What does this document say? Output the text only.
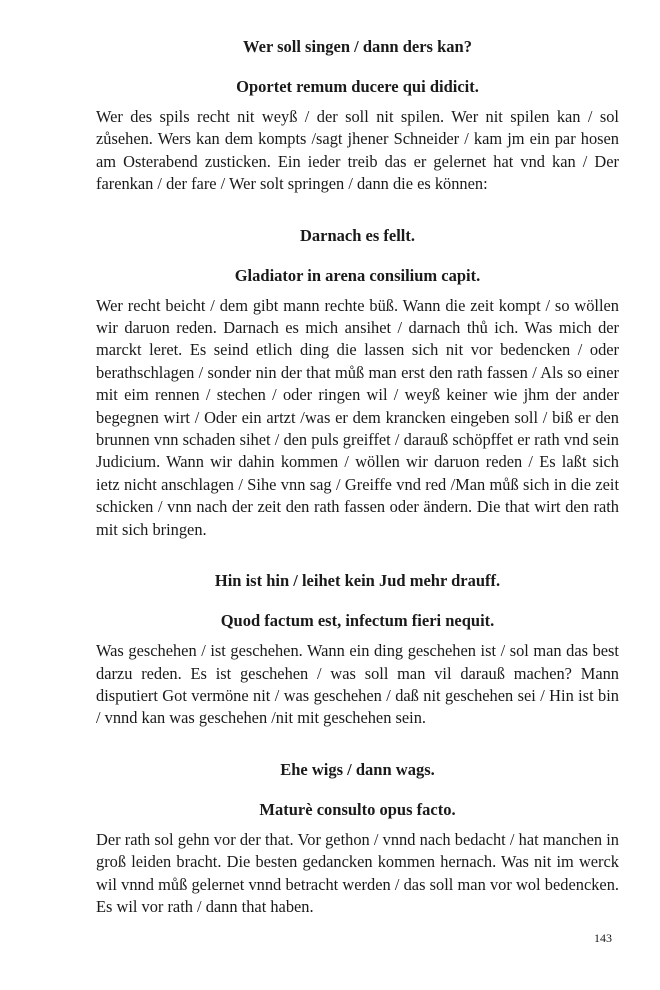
Wer soll singen / dann ders kan?

Oportet remum ducere qui didicit.

Wer des spils recht nit weyß / der soll nit spilen. Wer nit spilen kan / sol zůsehen. Wers kan dem kompts /sagt jhener Schneider / kam jm ein par hosen am Osterabend zusticken. Ein ieder treib das er gelernet hat vnd kan / Der farenkan / der fare / Wer solt springen / dann die es können:

Darnach es fellt.

Gladiator in arena consilium capit.

Wer recht beicht / dem gibt mann rechte büß. Wann die zeit kompt / so wöllen wir daruon reden. Darnach es mich ansihet / darnach thů ich. Was mich der marckt leret. Es seind etlich ding die lassen sich nit vor bedencken / oder berathschlagen / sonder nin der that můß man erst den rath fassen / Als so einer mit eim rennen / stechen / oder ringen wil / weyß keiner wie jhm der ander begegnen wirt / Oder ein artzt /was er dem krancken eingeben soll / biß er den brunnen vnn schaden sihet / den puls greiffet / darauß schöpffet er rath vnd sein Judicium. Wann wir dahin kommen / wöllen wir daruon reden / Es laßt sich ietz nicht anschlagen / Sihe vnn sag / Greiffe vnd red /Man můß sich in die zeit schicken / vnn nach der zeit den rath fassen oder ändern. Die that wirt den rath mit sich bringen.

Hin ist hin / leihet kein Jud mehr drauff.

Quod factum est, infectum fieri nequit.

Was geschehen / ist geschehen. Wann ein ding geschehen ist / sol man das best darzu reden. Es ist geschehen / was soll man vil darauß machen? Mann disputiert Got vermöne nit / was geschehen / daß nit geschehen sei / Hin ist bin / vnnd kan was geschehen /nit mit geschehen sein.

Ehe wigs / dann wags.

Maturè consulto opus facto.

Der rath sol gehn vor der that. Vor gethon / vnnd nach bedacht / hat manchen in groß leiden bracht. Die besten gedancken kommen hernach. Was nit im werck wil vnnd můß gelernet vnnd betracht werden / das soll man vor wol bedencken. Es wil vor rath / dann that haben.

143
